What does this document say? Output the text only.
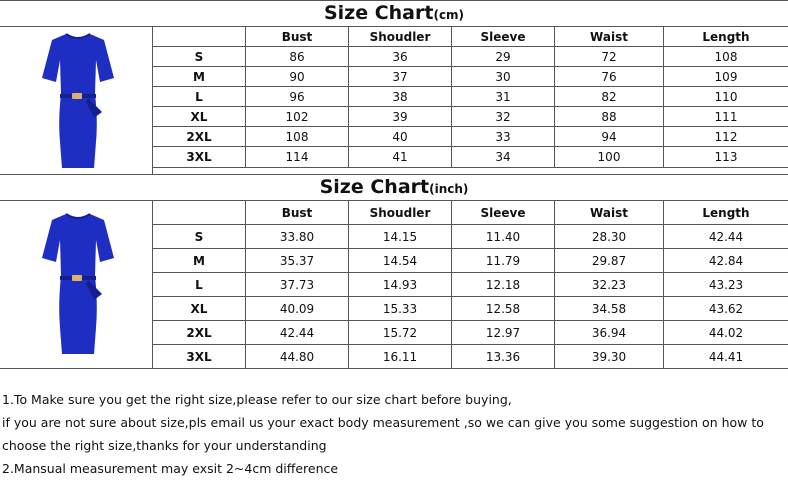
Size Chart(cm)
	Bust	Shoudler	Sleeve	Waist	Length
S	86	36	29	72	108
M	90	37	30	76	109
L	96	38	31	82	110
XL	102	39	32	88	111
2XL	108	40	33	94	112
3XL	114	41	34	100	113
Size Chart(inch)
	Bust	Shoudler	Sleeve	Waist	Length
S	33.80	14.15	11.40	28.30	42.44
M	35.37	14.54	11.79	29.87	42.84
L	37.73	14.93	12.18	32.23	43.23
XL	40.09	15.33	12.58	34.58	43.62
2XL	42.44	15.72	12.97	36.94	44.02
3XL	44.80	16.11	13.36	39.30	44.41
1.To Make sure you get the right size,please refer to our size chart before buying,
if you are not sure about size,pls email us your exact body measurement ,so we can give you some suggestion on how to
choose the right size,thanks for your understanding
2.Mansual measurement may exsit 2~4cm difference
